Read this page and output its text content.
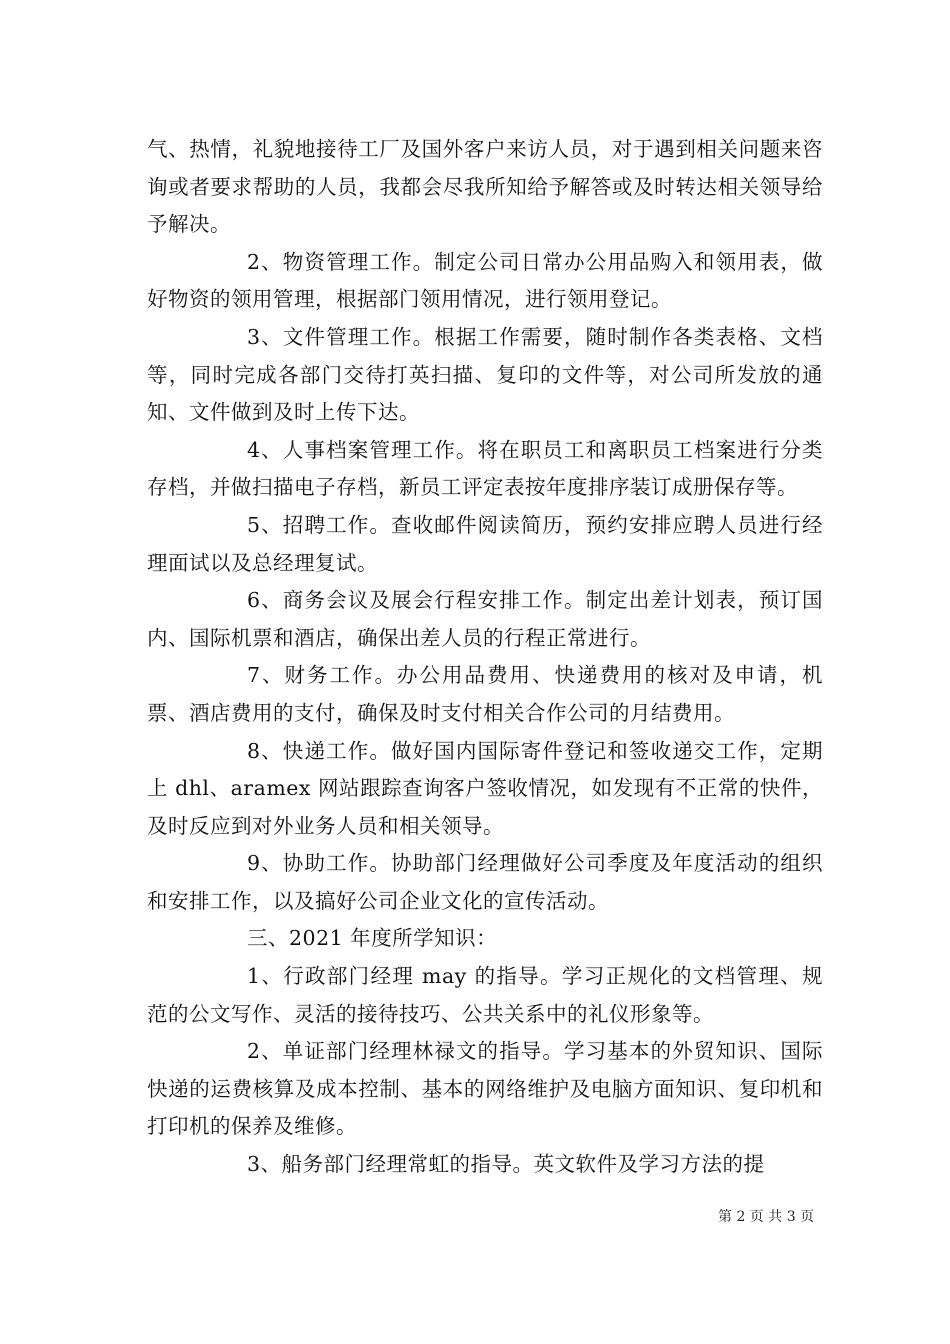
气、热情，礼貌地接待工厂及国外客户来访人员，对于遇到相关问题来咨询或者要求帮助的人员，我都会尽我所知给予解答或及时转达相关领导给予解决。

2、物资管理工作。制定公司日常办公用品购入和领用表，做好物资的领用管理，根据部门领用情况，进行领用登记。

3、文件管理工作。根据工作需要，随时制作各类表格、文档等，同时完成各部门交待打英扫描、复印的文件等，对公司所发放的通知、文件做到及时上传下达。

4、人事档案管理工作。将在职员工和离职员工档案进行分类存档，并做扫描电子存档，新员工评定表按年度排序装订成册保存等。

5、招聘工作。查收邮件阅读简历，预约安排应聘人员进行经理面试以及总经理复试。

6、商务会议及展会行程安排工作。制定出差计划表，预订国内、国际机票和酒店，确保出差人员的行程正常进行。

7、财务工作。办公用品费用、快递费用的核对及申请，机票、酒店费用的支付，确保及时支付相关合作公司的月结费用。

8、快递工作。做好国内国际寄件登记和签收递交工作，定期上 dhl、aramex 网站跟踪查询客户签收情况，如发现有不正常的快件，及时反应到对外业务人员和相关领导。

9、协助工作。协助部门经理做好公司季度及年度活动的组织和安排工作，以及搞好公司企业文化的宣传活动。

三、2021 年度所学知识：

1、行政部门经理 may 的指导。学习正规化的文档管理、规范的公文写作、灵活的接待技巧、公共关系中的礼仪形象等。

2、单证部门经理林禄文的指导。学习基本的外贸知识、国际快递的运费核算及成本控制、基本的网络维护及电脑方面知识、复印机和打印机的保养及维修。

3、船务部门经理常虹的指导。英文软件及学习方法的提

第 2 页 共 3 页
